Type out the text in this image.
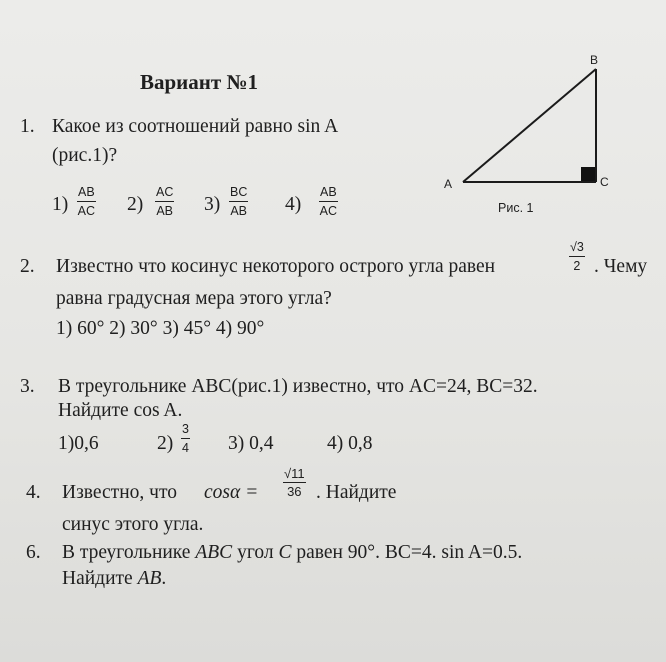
Вариант №1
B
A	C
Рис. 1
1. Какое из соотношений равно sin A
(рис.1)?
$1) \frac{AB}{AC} 2) \frac{AC}{AB} 3) \frac{BC}{AB} 4) \frac{AB}{AC}$
2. Известно что косинус некоторого острого угла равен	$\frac{√3}{2}$ . Чему
равна градусная мера этого угла?
1) 60° 2) 30° 3) 45° 4) 90°
3. В треугольнике ABC(рис.1) известно, что AC=24, BC=32.
Найдите cos A.
1)0,6	$2) \frac{3}{4} 3$) 0,4	4) 0,8
4. Известно, что $\cos\alpha = \frac{√11}{36}$ . Найдите
синус этого угла.
6. В треугольнике ABC угол C равен 90°. BC=4. sin A=0.5.
Найдите AB.
